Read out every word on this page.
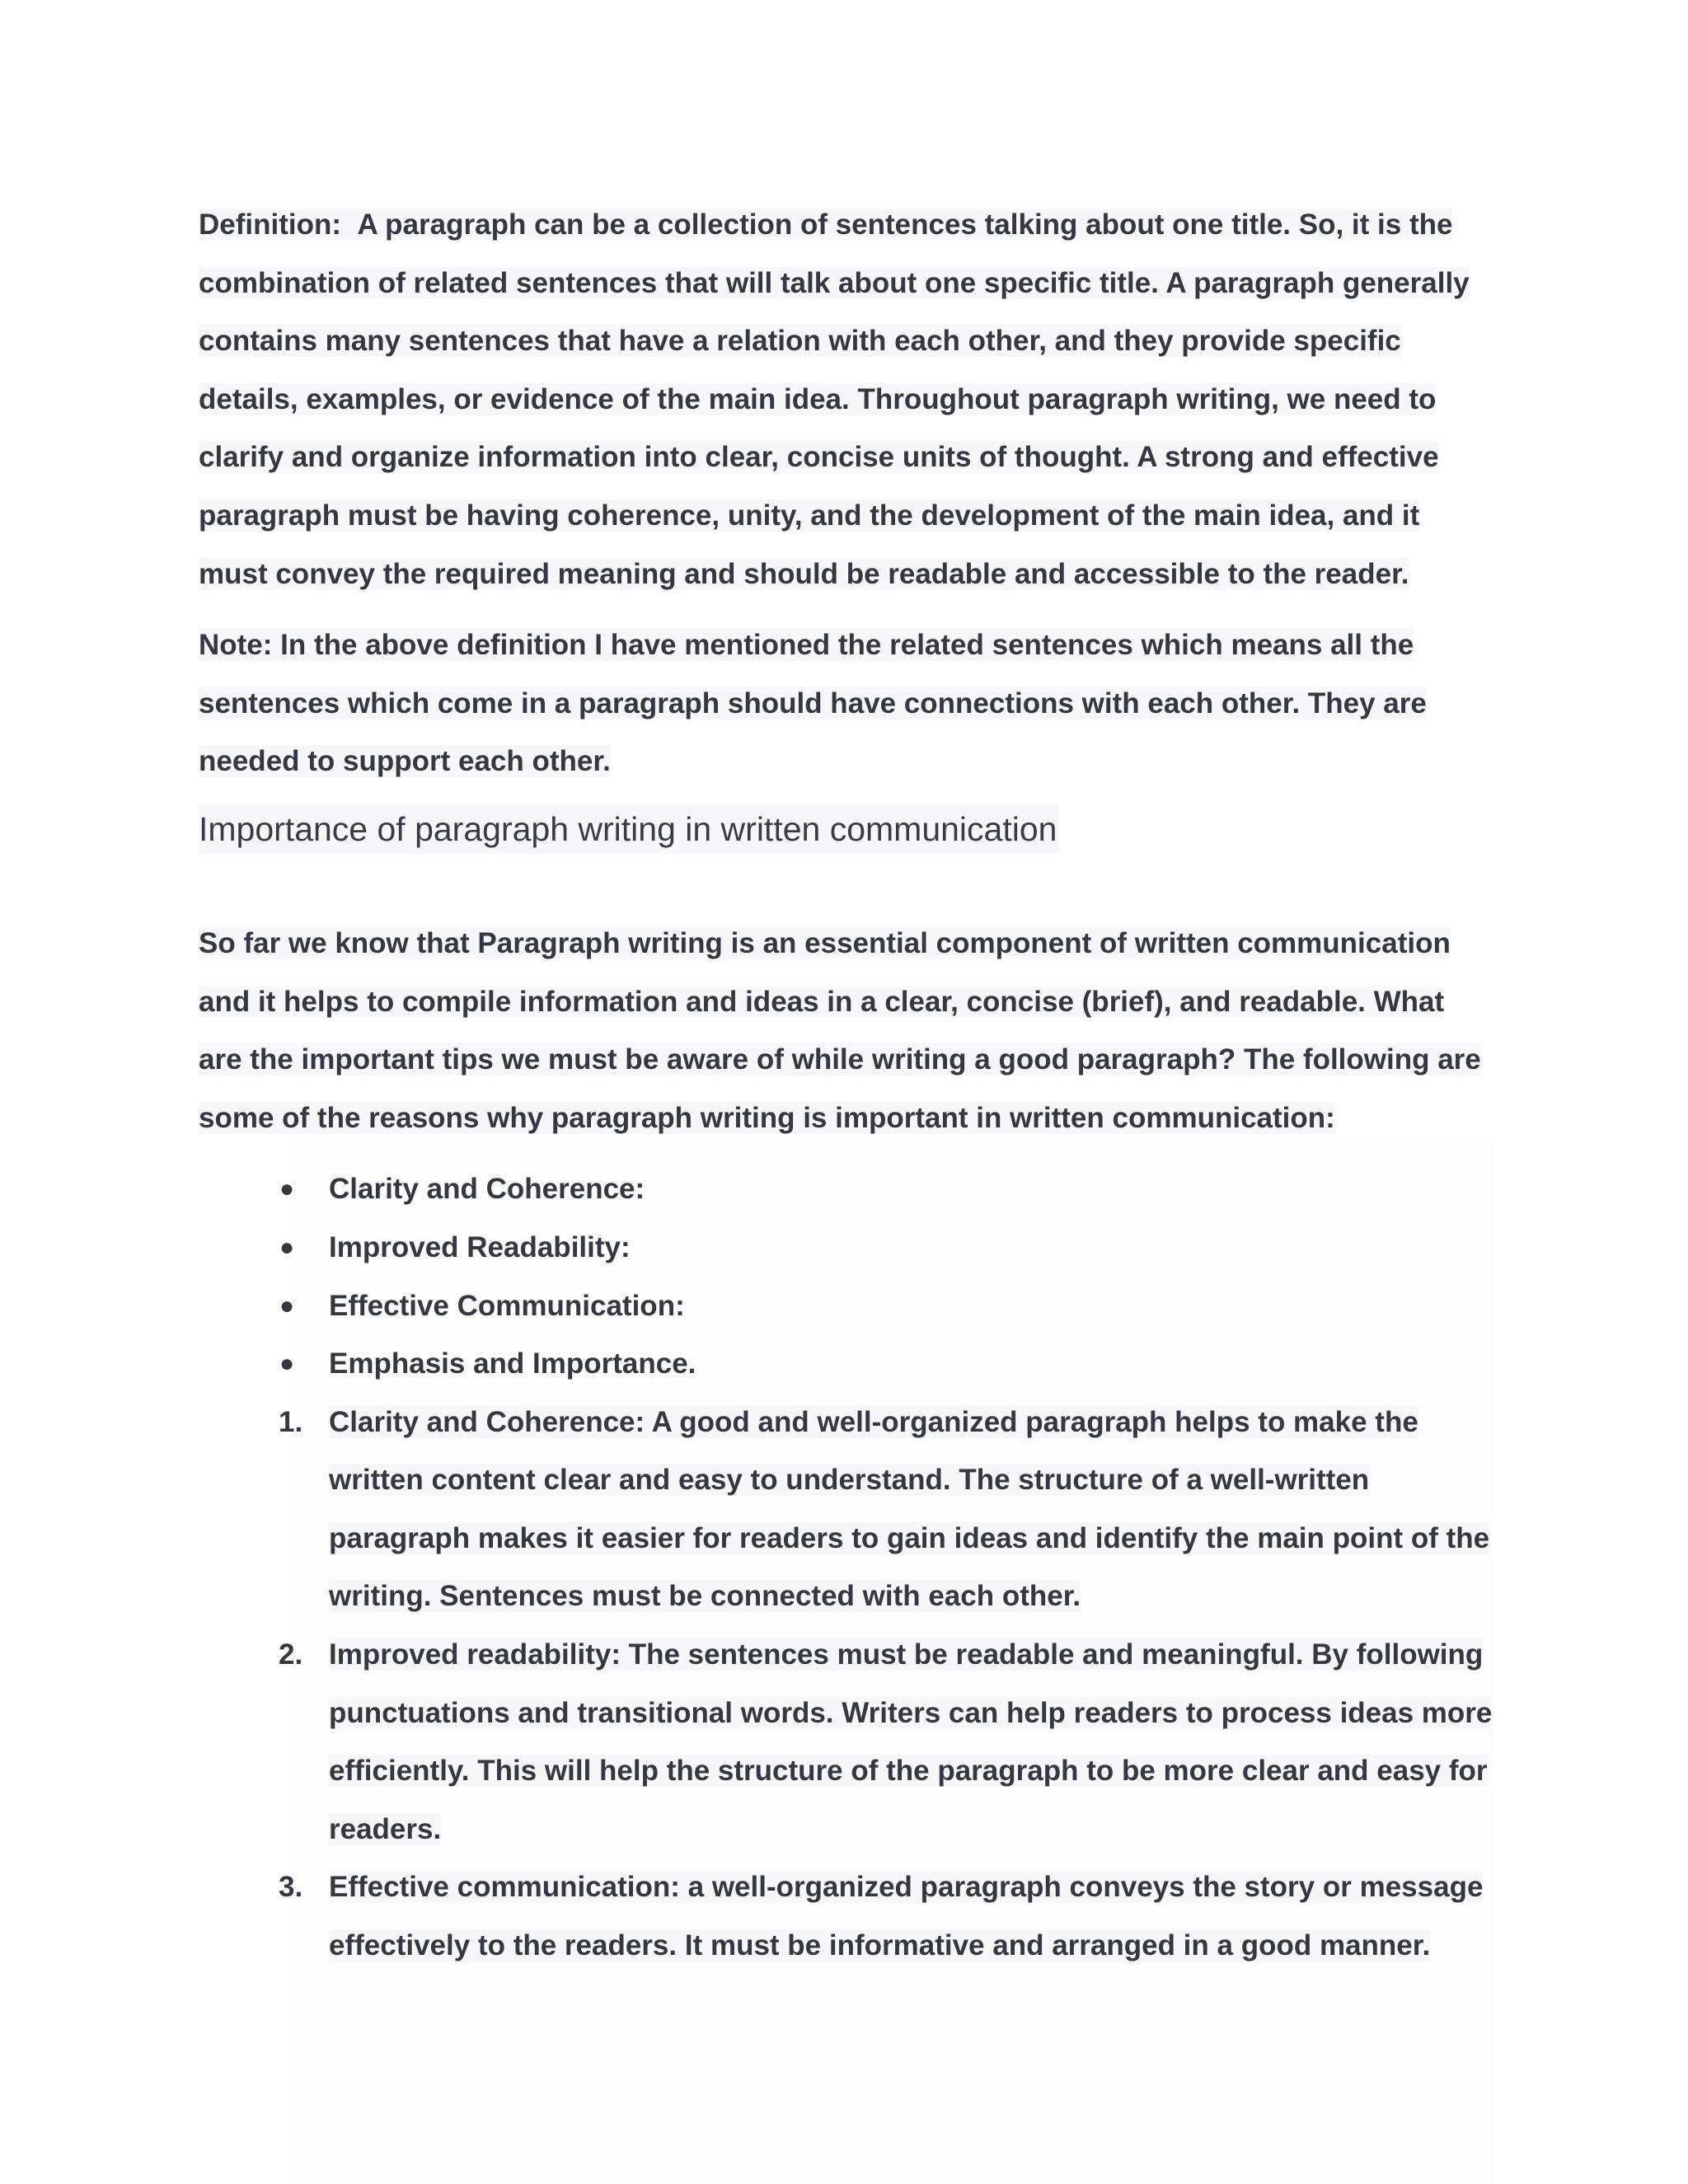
Definition: A paragraph can be a collection of sentences talking about one title. So, it is the combination of related sentences that will talk about one specific title. A paragraph generally contains many sentences that have a relation with each other, and they provide specific details, examples, or evidence of the main idea. Throughout paragraph writing, we need to clarify and organize information into clear, concise units of thought. A strong and effective paragraph must be having coherence, unity, and the development of the main idea, and it must convey the required meaning and should be readable and accessible to the reader.

Note: In the above definition I have mentioned the related sentences which means all the sentences which come in a paragraph should have connections with each other. They are needed to support each other.

Importance of paragraph writing in written communication

So far we know that Paragraph writing is an essential component of written communication and it helps to compile information and ideas in a clear, concise (brief), and readable. What are the important tips we must be aware of while writing a good paragraph? The following are some of the reasons why paragraph writing is important in written communication:

● Clarity and Coherence:
● Improved Readability:
● Effective Communication:
● Emphasis and Importance.
1. Clarity and Coherence: A good and well-organized paragraph helps to make the written content clear and easy to understand. The structure of a well-written paragraph makes it easier for readers to gain ideas and identify the main point of the writing. Sentences must be connected with each other.
2. Improved readability: The sentences must be readable and meaningful. By following punctuations and transitional words. Writers can help readers to process ideas more efficiently. This will help the structure of the paragraph to be more clear and easy for readers.
3. Effective communication: a well-organized paragraph conveys the story or message effectively to the readers. It must be informative and arranged in a good manner.
